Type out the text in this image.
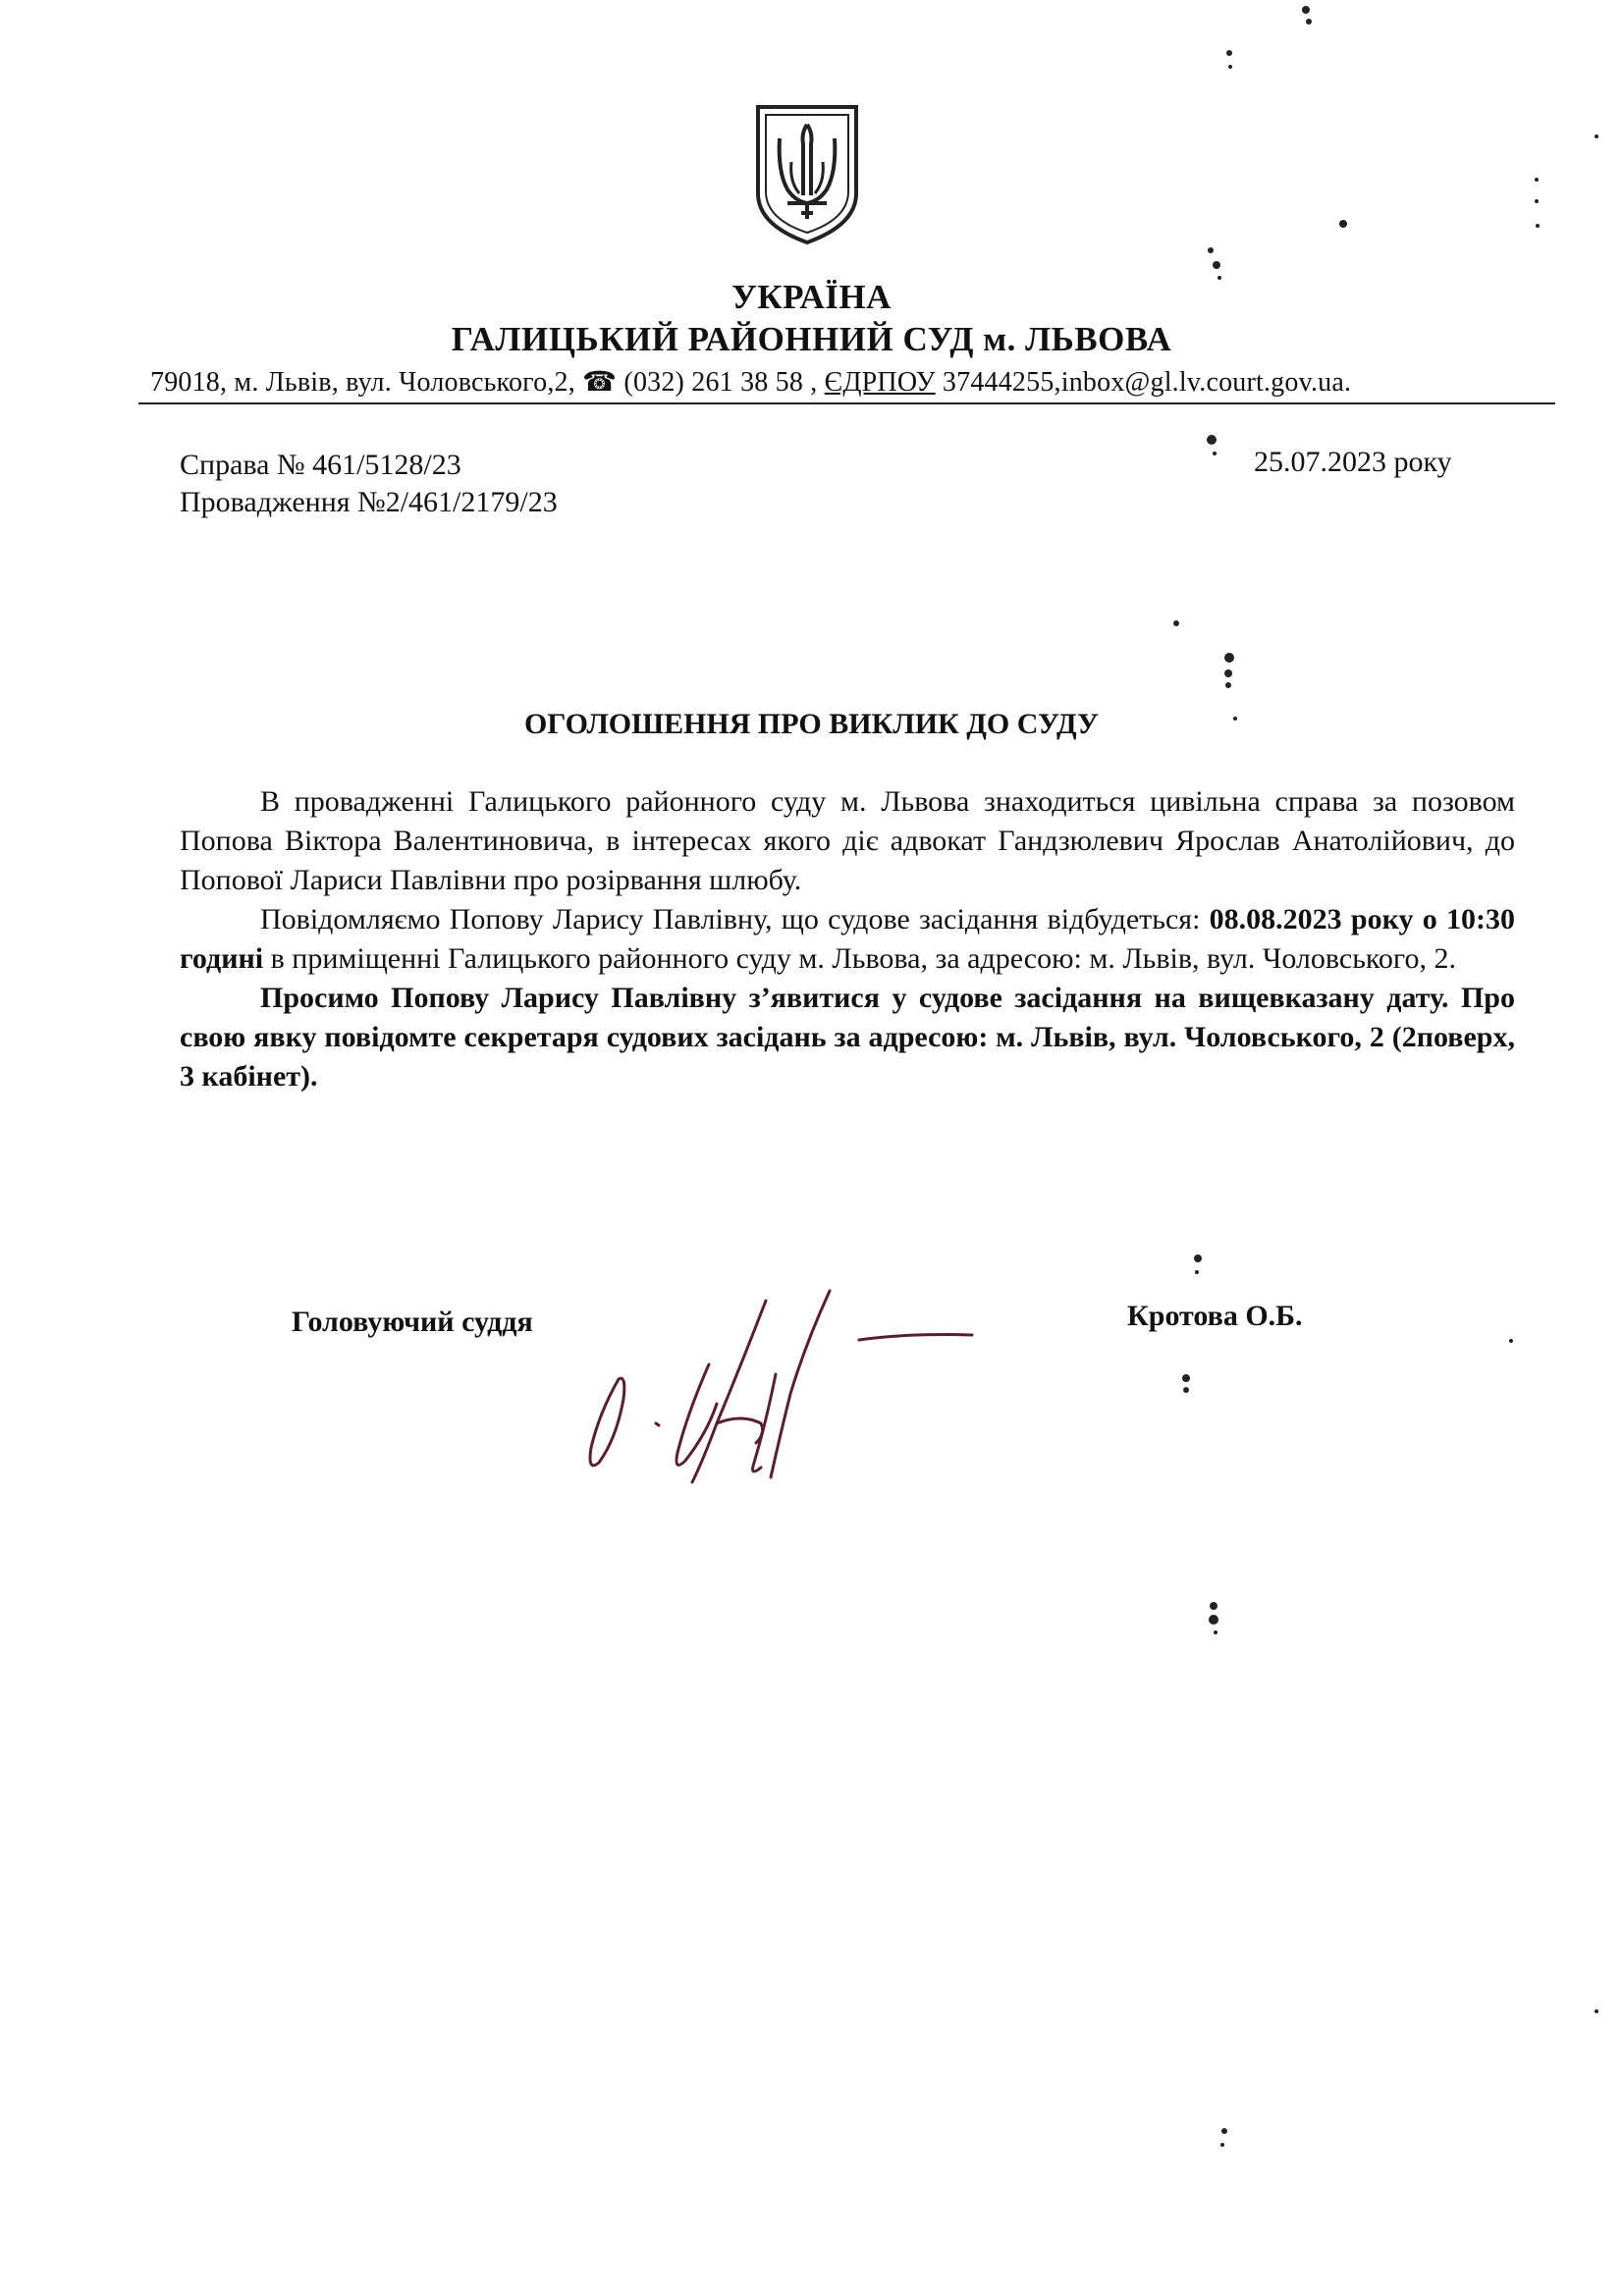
УКРАЇНА
ГАЛИЦЬКИЙ РАЙОННИЙ СУД м. ЛЬВОВА
79018, м. Львів, вул. Чоловського,2, ☎ (032) 261 38 58 , ЄДРПОУ 37444255,inbox@gl.lv.court.gov.ua.
Справа № 461/5128/23
Провадження №2/461/2179/23
25.07.2023 року
ОГОЛОШЕННЯ ПРО ВИКЛИК ДО СУДУ

В провадженні Галицького районного суду м. Львова знаходиться цивільна справа за позовом Попова Віктора Валентиновича, в інтересах якого діє адвокат Гандзюлевич Ярослав Анатолійович, до Попової Лариси Павлівни про розірвання шлюбу.

Повідомляємо Попову Ларису Павлівну, що судове засідання відбудеться: 08.08.2023 року о 10:30 годині в приміщенні Галицького районного суду м. Львова, за адресою: м. Львів, вул. Чоловського, 2.

Просимо Попову Ларису Павлівну з’явитися у судове засідання на вищевказану дату. Про свою явку повідомте секретаря судових засідань за адресою: м. Львів, вул. Чоловського, 2 (2поверх, 3 кабінет).

Головуючий суддя	Кротова О.Б.
